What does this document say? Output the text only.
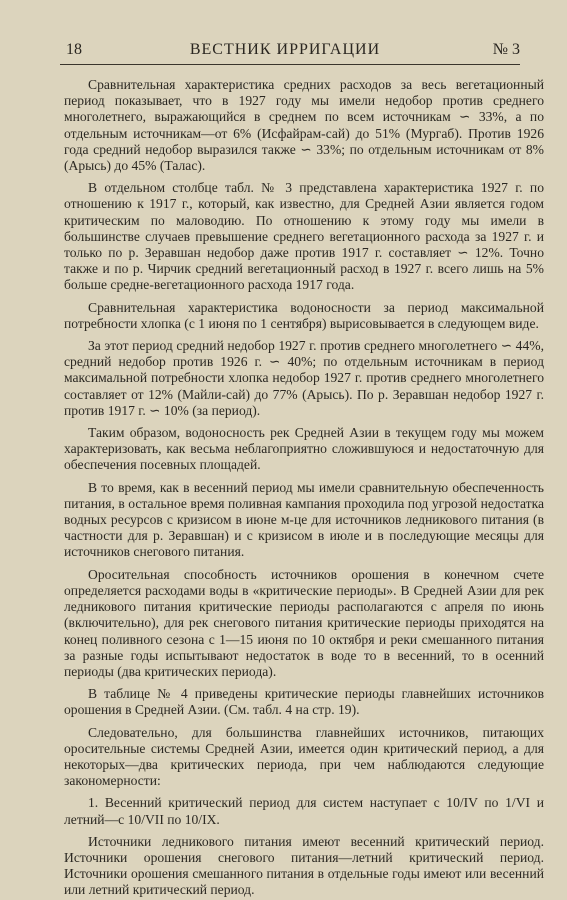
18	ВЕСТНИК ИРРИГАЦИИ	№ 3

Сравнительная характеристика средних расходов за весь вегетационный период показывает, что в 1927 году мы имели недобор против среднего многолетнего, выражающийся в среднем по всем источникам ∽ 33%, а по отдельным источникам—от 6% (Исфайрам-сай) до 51% (Мургаб). Против 1926 года средний недобор выразился также ∽ 33%; по отдельным источникам от 8% (Арысь) до 45% (Талас).

В отдельном столбце табл. № 3 представлена характеристика 1927 г. по отношению к 1917 г., который, как известно, для Средней Азии является годом критическим по маловодию. По отношению к этому году мы имели в большинстве случаев превышение среднего вегетационного расхода за 1927 г. и только по р. Зеравшан недобор даже против 1917 г. составляет ∽ 12%. Точно также и по р. Чирчик средний вегетационный расход в 1927 г. всего лишь на 5% больше средне-вегетационного расхода 1917 года.

Сравнительная характеристика водоносности за период максимальной потребности хлопка (с 1 июня по 1 сентября) вырисовывается в следующем виде.

За этот период средний недобор 1927 г. против среднего многолетнего ∽ 44%, средний недобор против 1926 г. ∽ 40%; по отдельным источникам в период максимальной потребности хлопка недобор 1927 г. против среднего многолетнего составляет от 12% (Майли-сай) до 77% (Арысь). По р. Зеравшан недобор 1927 г. против 1917 г. ∽ 10% (за период).

Таким образом, водоносность рек Средней Азии в текущем году мы можем характеризовать, как весьма неблагоприятно сложившуюся и недостаточную для обеспечения посевных площадей.

В то время, как в весенний период мы имели сравнительную обеспеченность питания, в остальное время поливная кампания проходила под угрозой недостатка водных ресурсов с кризисом в июне м-це для источников ледникового питания (в частности для р. Зеравшан) и с кризисом в июле и в последующие месяцы для источников снегового питания.

Оросительная способность источников орошения в конечном счете определяется расходами воды в «критические периоды». В Средней Азии для рек ледникового питания критические периоды располагаются с апреля по июнь (включительно), для рек снегового питания критические периоды приходятся на конец поливного сезона с 1—15 июня по 10 октября и реки смешанного питания за разные годы испытывают недостаток в воде то в весенний, то в осенний периоды (два критических периода).

В таблице № 4 приведены критические периоды главнейших источников орошения в Средней Азии. (См. табл. 4 на стр. 19).

Следовательно, для большинства главнейших источников, питающих оросительные системы Средней Азии, имеется один критический период, а для некоторых—два критических периода, при чем наблюдаются следующие закономерности:

1. Весенний критический период для систем наступает с 10/IV по 1/VI и летний—с 10/VII по 10/IX.

Источники ледникового питания имеют весенний критический период. Источники орошения снегового питания—летний критический период. Источники орошения смешанного питания в отдельные годы имеют или весенний или летний критический период.
